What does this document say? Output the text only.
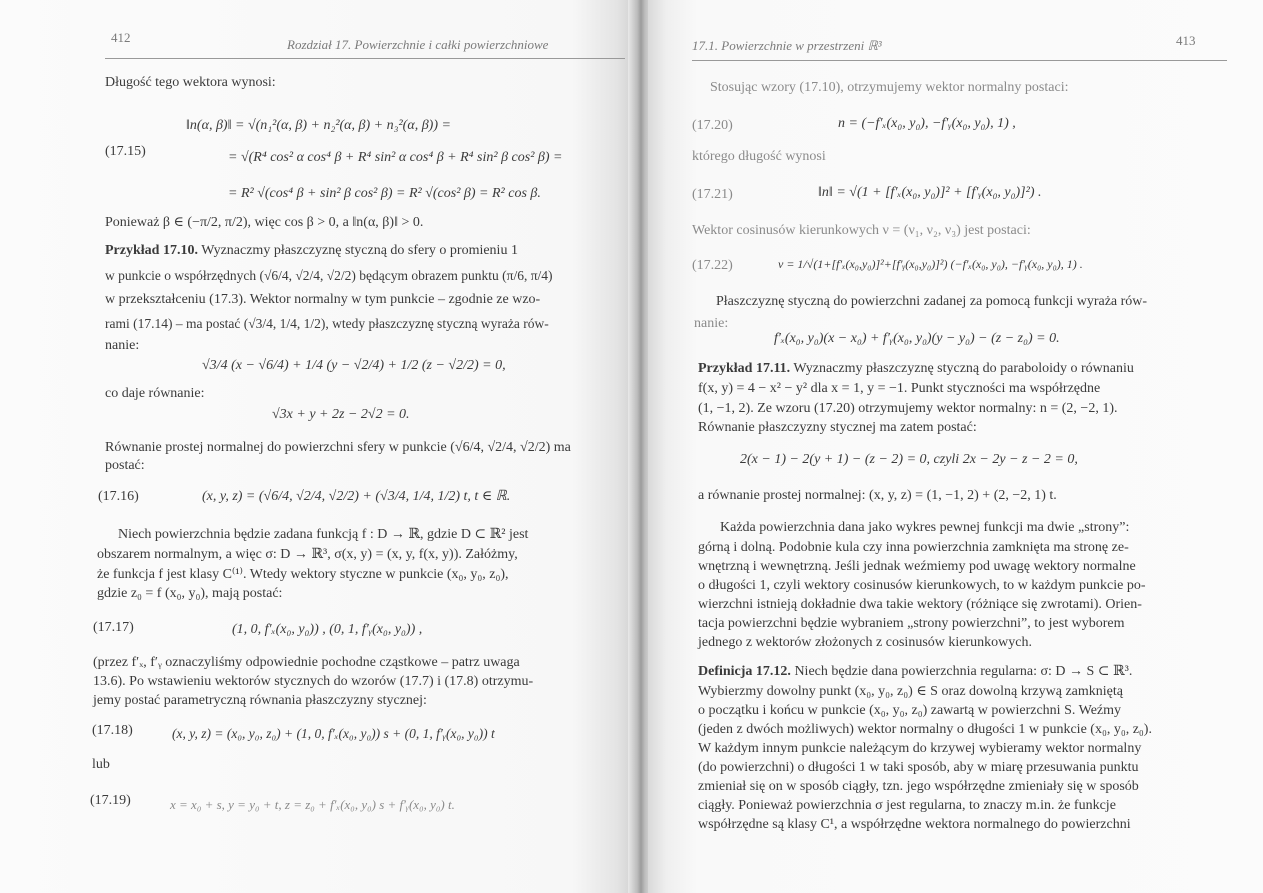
412	Rozdział 17. Powierzchnie i całki powierzchniowe
Długość tego wektora wynosi:
‖n(α, β)‖ = √(n₁²(α, β) + n₂²(α, β) + n₃²(α, β)) =
(17.15)	= √(R⁴ cos² α cos⁴ β + R⁴ sin² α cos⁴ β + R⁴ sin² β cos² β) =
= R² √(cos⁴ β + sin² β cos² β) = R² √(cos² β) = R² cos β.
Ponieważ β ∈ (−π/2, π/2), więc cos β > 0, a ‖n(α, β)‖ > 0.
Przykład 17.10. Wyznaczmy płaszczyznę styczną do sfery o promieniu 1
w punkcie o współrzędnych (√6/4, √2/4, √2/2) będącym obrazem punktu (π/6, π/4)
w przekształceniu (17.3). Wektor normalny w tym punkcie – zgodnie ze wzo-
rami (17.14) – ma postać (√3/4, 1/4, 1/2), wtedy płaszczyznę styczną wyraża rów-
nanie:
√3/4 (x − √6/4) + 1/4 (y − √2/4) + 1/2 (z − √2/2) = 0,
co daje równanie:
√3x + y + 2z − 2√2 = 0.
Równanie prostej normalnej do powierzchni sfery w punkcie (√6/4, √2/4, √2/2) ma
postać:
(17.16)	(x, y, z) = (√6/4, √2/4, √2/2) + (√3/4, 1/4, 1/2) t, t ∈ ℝ.
Niech powierzchnia będzie zadana funkcją f : D → ℝ, gdzie D ⊂ ℝ² jest
obszarem normalnym, a więc σ: D → ℝ³, σ(x, y) = (x, y, f(x, y)). Załóżmy,
że funkcja f jest klasy C⁽¹⁾. Wtedy wektory styczne w punkcie (x₀, y₀, z₀),
gdzie z₀ = f (x₀, y₀), mają postać:
(17.17)	(1, 0, f′ₓ(x₀, y₀)) , (0, 1, f′ᵧ(x₀, y₀)) ,
(przez f′ₓ, f′ᵧ oznaczyliśmy odpowiednie pochodne cząstkowe – patrz uwaga
13.6). Po wstawieniu wektorów stycznych do wzorów (17.7) i (17.8) otrzymu-
jemy postać parametryczną równania płaszczyzny stycznej:
(17.18)	(x, y, z) = (x₀, y₀, z₀) + (1, 0, f′ₓ(x₀, y₀)) s + (0, 1, f′ᵧ(x₀, y₀)) t
lub
(17.19)	x = x₀ + s, y = y₀ + t, z = z₀ + f′ₓ(x₀, y₀) s + f′ᵧ(x₀, y₀) t.
17.1. Powierzchnie w przestrzeni ℝ³	413
Stosując wzory (17.10), otrzymujemy wektor normalny postaci:
(17.20)	n = (−f′ₓ(x₀, y₀), −f′ᵧ(x₀, y₀), 1) ,
którego długość wynosi
(17.21)	‖n‖ = √(1 + [f′ₓ(x₀, y₀)]² + [f′ᵧ(x₀, y₀)]²) .
Wektor cosinusów kierunkowych ν = (ν₁, ν₂, ν₃) jest postaci:
(17.22)	ν = 1/√(1+[f′ₓ(x₀,y₀)]²+[f′ᵧ(x₀,y₀)]²) (−f′ₓ(x₀, y₀), −f′ᵧ(x₀, y₀), 1) .
Płaszczyznę styczną do powierzchni zadanej za pomocą funkcji wyraża rów-
nanie:
f′ₓ(x₀, y₀)(x − x₀) + f′ᵧ(x₀, y₀)(y − y₀) − (z − z₀) = 0.
Przykład 17.11. Wyznaczmy płaszczyznę styczną do paraboloidy o równaniu
f(x, y) = 4 − x² − y² dla x = 1, y = −1. Punkt styczności ma współrzędne
(1, −1, 2). Ze wzoru (17.20) otrzymujemy wektor normalny: n = (2, −2, 1).
Równanie płaszczyzny stycznej ma zatem postać:
2(x − 1) − 2(y + 1) − (z − 2) = 0, czyli 2x − 2y − z − 2 = 0,
a równanie prostej normalnej: (x, y, z) = (1, −1, 2) + (2, −2, 1) t.
Każda powierzchnia dana jako wykres pewnej funkcji ma dwie „strony”:
górną i dolną. Podobnie kula czy inna powierzchnia zamknięta ma stronę ze-
wnętrzną i wewnętrzną. Jeśli jednak weźmiemy pod uwagę wektory normalne
o długości 1, czyli wektory cosinusów kierunkowych, to w każdym punkcie po-
wierzchni istnieją dokładnie dwa takie wektory (różniące się zwrotami). Orien-
tacja powierzchni będzie wybraniem „strony powierzchni”, to jest wyborem
jednego z wektorów złożonych z cosinusów kierunkowych.
Definicja 17.12. Niech będzie dana powierzchnia regularna: σ: D → S ⊂ ℝ³.
Wybierzmy dowolny punkt (x₀, y₀, z₀) ∈ S oraz dowolną krzywą zamkniętą
o początku i końcu w punkcie (x₀, y₀, z₀) zawartą w powierzchni S. Weźmy
(jeden z dwóch możliwych) wektor normalny o długości 1 w punkcie (x₀, y₀, z₀).
W każdym innym punkcie należącym do krzywej wybieramy wektor normalny
(do powierzchni) o długości 1 w taki sposób, aby w miarę przesuwania punktu
zmieniał się on w sposób ciągły, tzn. jego współrzędne zmieniały się w sposób
ciągły. Ponieważ powierzchnia σ jest regularna, to znaczy m.in. że funkcje
współrzędne są klasy C¹, a współrzędne wektora normalnego do powierzchni
